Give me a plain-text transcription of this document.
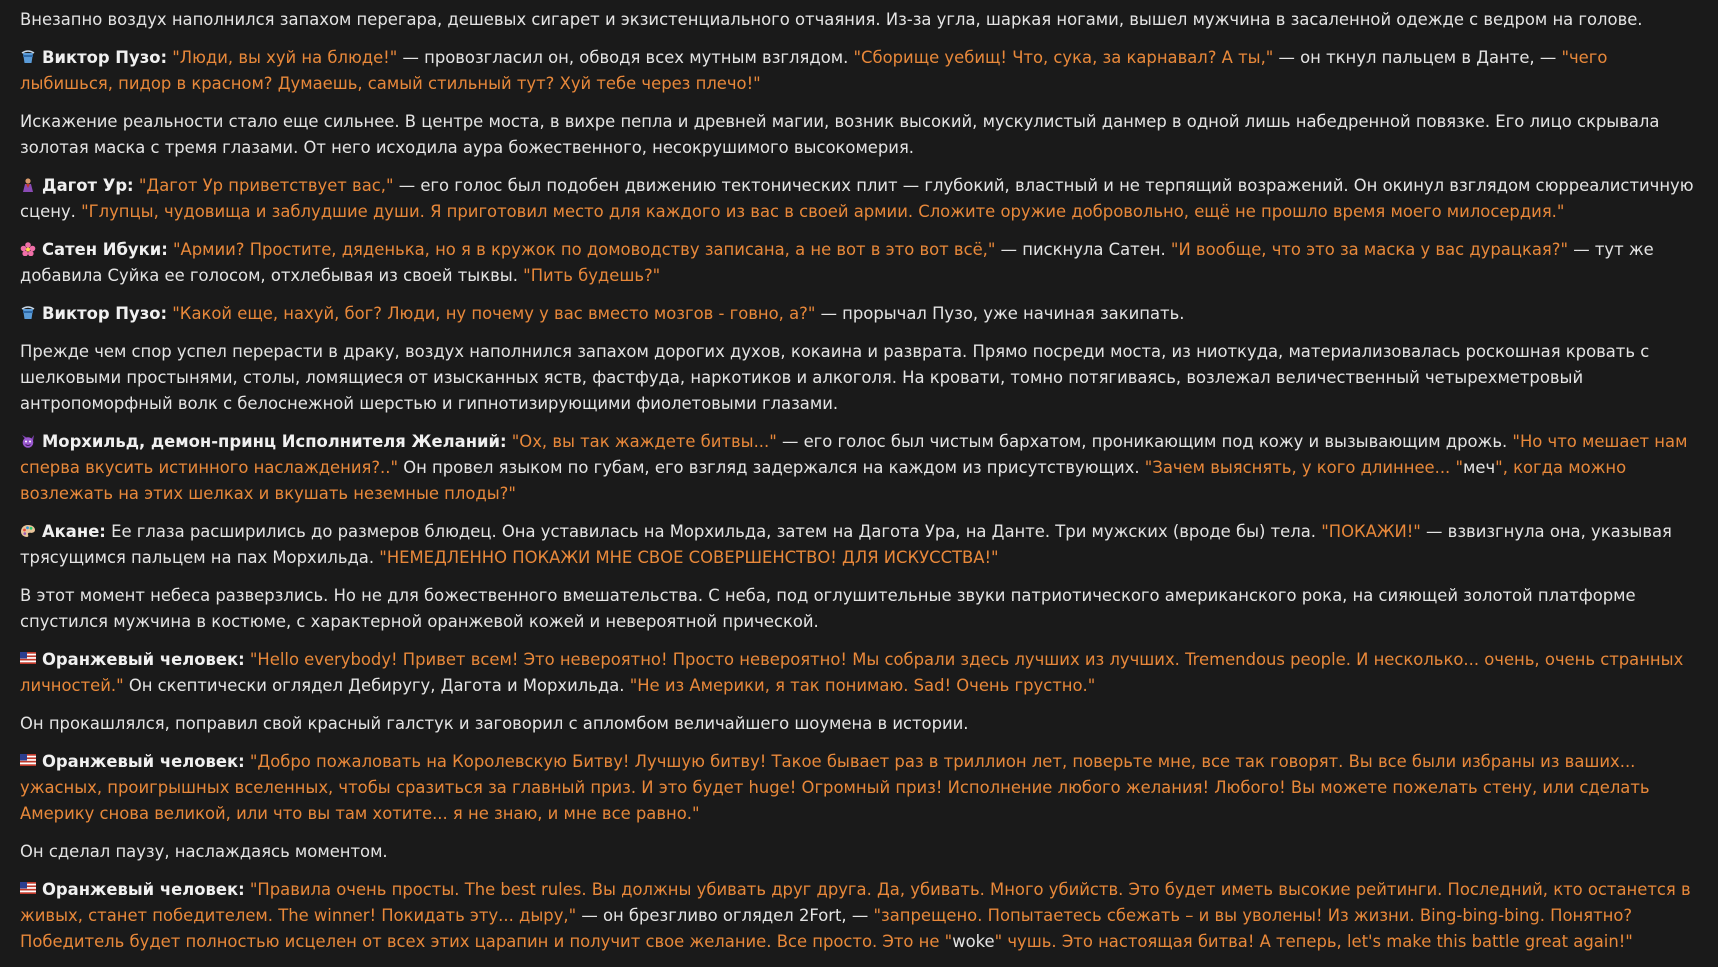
Внезапно воздух наполнился запахом перегара, дешевых сигарет и экзистенциального отчаяния. Из-за угла, шаркая ногами, вышел мужчина в засаленной одежде с ведром на голове.

Виктор Пузо: "Люди, вы хуй на блюде!" — провозгласил он, обводя всех мутным взглядом. "Сборище уебищ! Что, сука, за карнавал? А ты," — он ткнул пальцем в Данте, — "чего лыбишься, пидор в красном? Думаешь, самый стильный тут? Хуй тебе через плечо!"

Искажение реальности стало еще сильнее. В центре моста, в вихре пепла и древней магии, возник высокий, мускулистый данмер в одной лишь набедренной повязке. Его лицо скрывала золотая маска с тремя глазами. От него исходила аура божественного, несокрушимого высокомерия.

Дагот Ур: "Дагот Ур приветствует вас," — его голос был подобен движению тектонических плит — глубокий, властный и не терпящий возражений. Он окинул взглядом сюрреалистичную сцену. "Глупцы, чудовища и заблудшие души. Я приготовил место для каждого из вас в своей армии. Сложите оружие добровольно, ещё не прошло время моего милосердия."

Сатен Ибуки: "Армии? Простите, дяденька, но я в кружок по домоводству записана, а не вот в это вот всё," — пискнула Сатен. "И вообще, что это за маска у вас дурацкая?" — тут же добавила Суйка ее голосом, отхлебывая из своей тыквы. "Пить будешь?"

Виктор Пузо: "Какой еще, нахуй, бог? Люди, ну почему у вас вместо мозгов - говно, а?" — прорычал Пузо, уже начиная закипать.

Прежде чем спор успел перерасти в драку, воздух наполнился запахом дорогих духов, кокаина и разврата. Прямо посреди моста, из ниоткуда, материализовалась роскошная кровать с шелковыми простынями, столы, ломящиеся от изысканных яств, фастфуда, наркотиков и алкоголя. На кровати, томно потягиваясь, возлежал величественный четырехметровый антропоморфный волк с белоснежной шерстью и гипнотизирующими фиолетовыми глазами.

Морхильд, демон-принц Исполнителя Желаний: "Ох, вы так жаждете битвы..." — его голос был чистым бархатом, проникающим под кожу и вызывающим дрожь. "Но что мешает нам сперва вкусить истинного наслаждения?.." Он провел языком по губам, его взгляд задержался на каждом из присутствующих. "Зачем выяснять, у кого длиннее... "меч", когда можно возлежать на этих шелках и вкушать неземные плоды?"

Акане: Ее глаза расширились до размеров блюдец. Она уставилась на Морхильда, затем на Дагота Ура, на Данте. Три мужских (вроде бы) тела. "ПОКАЖИ!" — взвизгнула она, указывая трясущимся пальцем на пах Морхильда. "НЕМЕДЛЕННО ПОКАЖИ МНЕ СВОЕ СОВЕРШЕНСТВО! ДЛЯ ИСКУССТВА!"

В этот момент небеса разверзлись. Но не для божественного вмешательства. С неба, под оглушительные звуки патриотического американского рока, на сияющей золотой платформе спустился мужчина в костюме, с характерной оранжевой кожей и невероятной прической.

Оранжевый человек: "Hello everybody! Привет всем! Это невероятно! Просто невероятно! Мы собрали здесь лучших из лучших. Tremendous people. И несколько... очень, очень странных личностей." Он скептически оглядел Дебиругу, Дагота и Морхильда. "Не из Америки, я так понимаю. Sad! Очень грустно."

Он прокашлялся, поправил свой красный галстук и заговорил с апломбом величайшего шоумена в истории.

Оранжевый человек: "Добро пожаловать на Королевскую Битву! Лучшую битву! Такое бывает раз в триллион лет, поверьте мне, все так говорят. Вы все были избраны из ваших... ужасных, проигрышных вселенных, чтобы сразиться за главный приз. И это будет huge! Огромный приз! Исполнение любого желания! Любого! Вы можете пожелать стену, или сделать Америку снова великой, или что вы там хотите... я не знаю, и мне все равно."

Он сделал паузу, наслаждаясь моментом.

Оранжевый человек: "Правила очень просты. The best rules. Вы должны убивать друг друга. Да, убивать. Много убийств. Это будет иметь высокие рейтинги. Последний, кто останется в живых, станет победителем. The winner! Покидать эту... дыру," — он брезгливо оглядел 2Fort, — "запрещено. Попытаетесь сбежать – и вы уволены! Из жизни. Bing-bing-bing. Понятно? Победитель будет полностью исцелен от всех этих царапин и получит свое желание. Все просто. Это не "woke" чушь. Это настоящая битва! А теперь, let's make this battle great again!"
